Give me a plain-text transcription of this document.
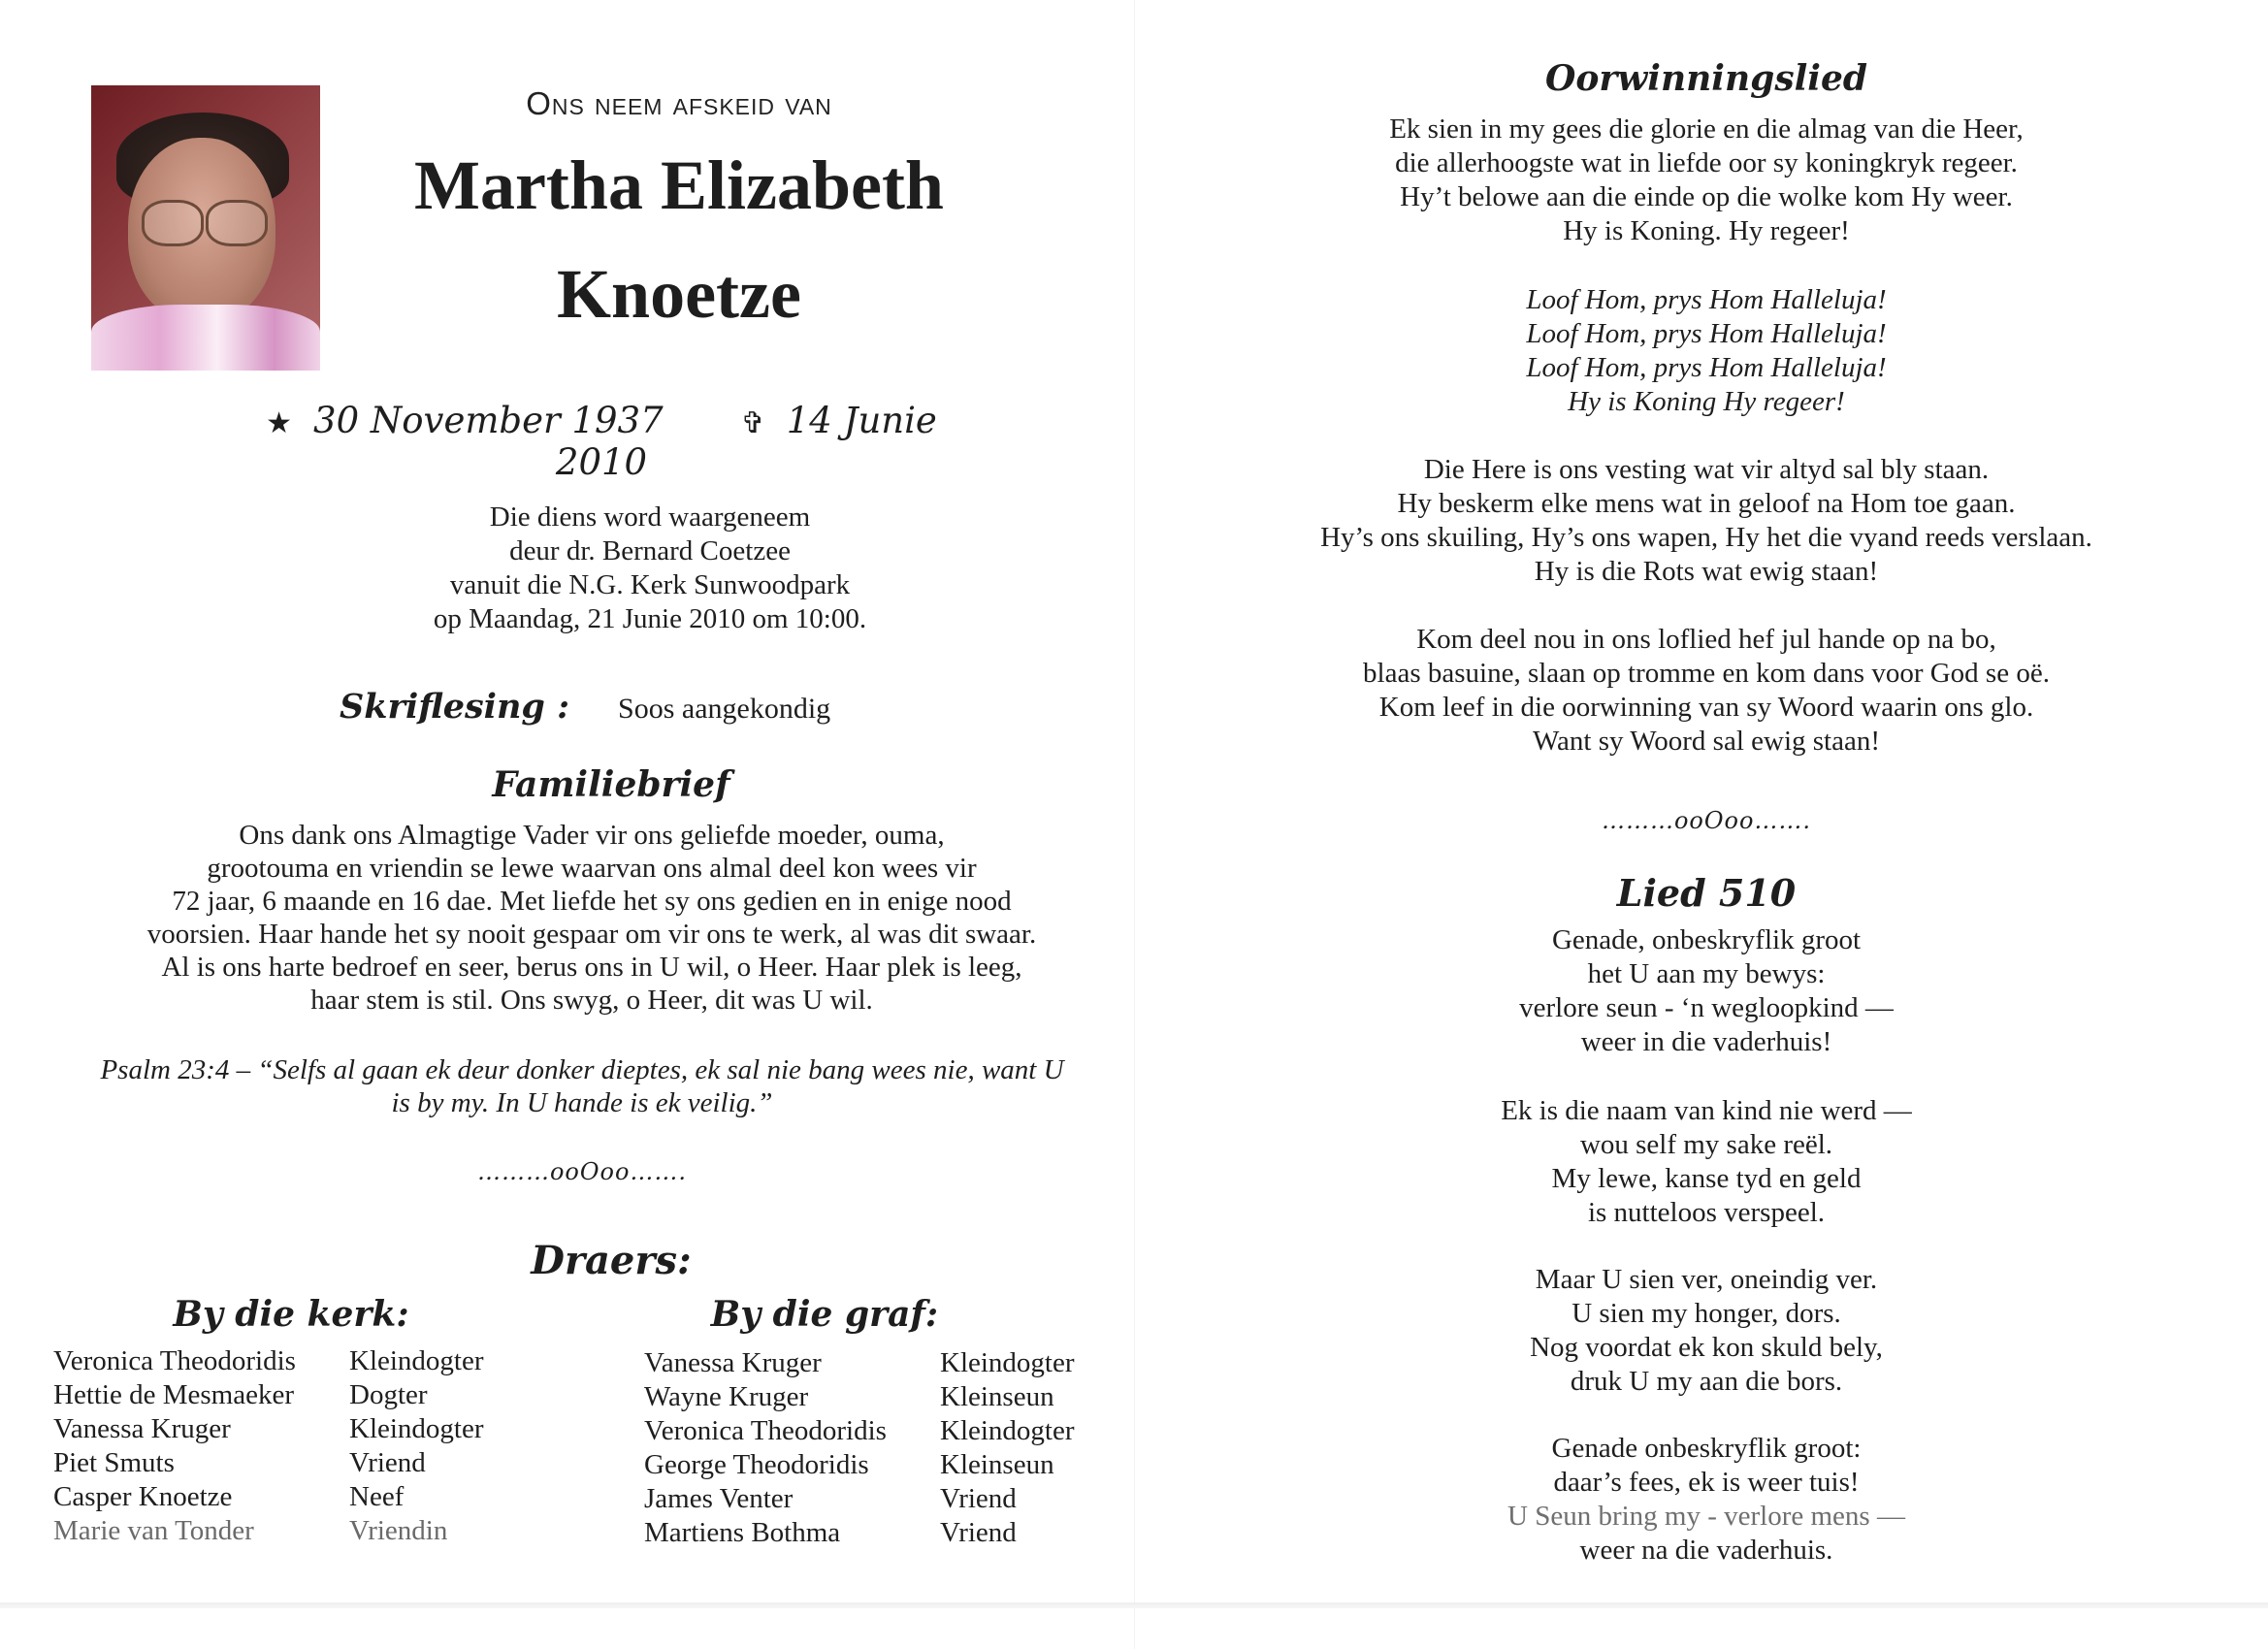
Ons neem afskeid van
Martha Elizabeth
Knoetze
★ 30 November 1937	✞ 14 Junie 2010
Die diens word waargeneem
deur dr. Bernard Coetzee
vanuit die N.G. Kerk Sunwoodpark
op Maandag, 21 Junie 2010 om 10:00.
Skriflesing : Soos aangekondig
Familiebrief
Ons dank ons Almagtige Vader vir ons geliefde moeder, ouma,
grootouma en vriendin se lewe waarvan ons almal deel kon wees vir
72 jaar, 6 maande en 16 dae. Met liefde het sy ons gedien en in enige nood
voorsien. Haar hande het sy nooit gespaar om vir ons te werk, al was dit swaar.
Al is ons harte bedroef en seer, berus ons in U wil, o Heer. Haar plek is leeg,
haar stem is stil. Ons swyg, o Heer, dit was U wil.
Psalm 23:4 – “Selfs al gaan ek deur donker dieptes, ek sal nie bang wees nie, want U
is by my. In U hande is ek veilig.”
………ooOoo…….
Draers:
By die kerk:	By die graf:
Veronica Theodoridis	Kleindogter
Hettie de Mesmaeker	Dogter
Vanessa Kruger	Kleindogter
Piet Smuts	Vriend
Casper Knoetze	Neef
Marie van Tonder	Vriendin
Vanessa Kruger	Kleindogter
Wayne Kruger	Kleinseun
Veronica Theodoridis	Kleindogter
George Theodoridis	Kleinseun
James Venter	Vriend
Martiens Bothma	Vriend
Oorwinningslied
Ek sien in my gees die glorie en die almag van die Heer,
die allerhoogste wat in liefde oor sy koningkryk regeer.
Hy’t belowe aan die einde op die wolke kom Hy weer.
Hy is Koning. Hy regeer!
Loof Hom, prys Hom Halleluja!
Loof Hom, prys Hom Halleluja!
Loof Hom, prys Hom Halleluja!
Hy is Koning Hy regeer!
Die Here is ons vesting wat vir altyd sal bly staan.
Hy beskerm elke mens wat in geloof na Hom toe gaan.
Hy’s ons skuiling, Hy’s ons wapen, Hy het die vyand reeds verslaan.
Hy is die Rots wat ewig staan!
Kom deel nou in ons loflied hef jul hande op na bo,
blaas basuine, slaan op tromme en kom dans voor God se oë.
Kom leef in die oorwinning van sy Woord waarin ons glo.
Want sy Woord sal ewig staan!
………ooOoo…….
Lied 510
Genade, onbeskryflik groot
het U aan my bewys:
verlore seun - ‘n wegloopkind —
weer in die vaderhuis!
Ek is die naam van kind nie werd —
wou self my sake reël.
My lewe, kanse tyd en geld
is nutteloos verspeel.
Maar U sien ver, oneindig ver.
U sien my honger, dors.
Nog voordat ek kon skuld bely,
druk U my aan die bors.
Genade onbeskryflik groot:
daar’s fees, ek is weer tuis!
U Seun bring my - verlore mens —
weer na die vaderhuis.
